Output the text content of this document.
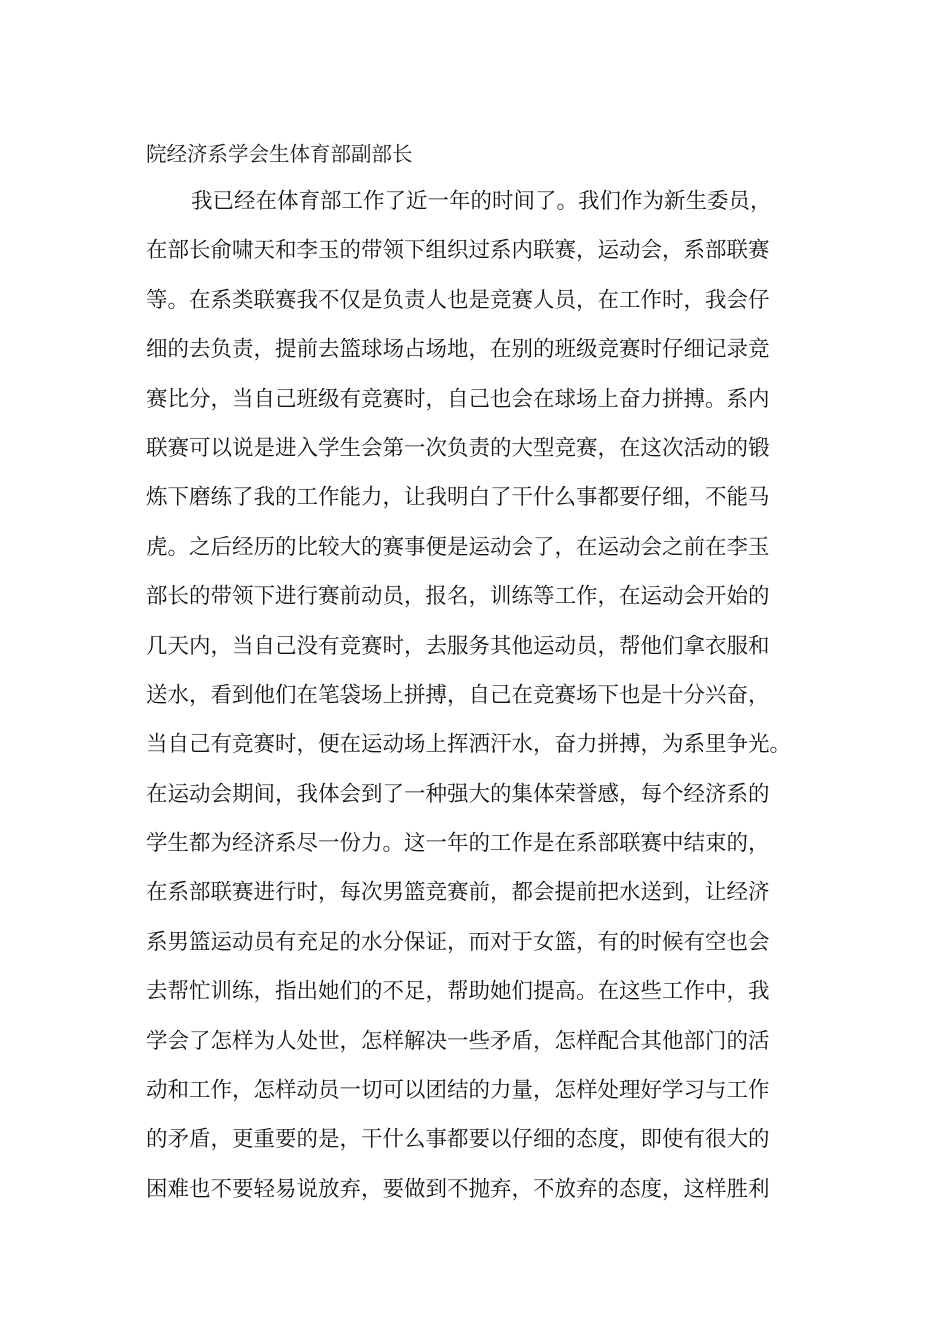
院经济系学会生体育部副部长
我已经在体育部工作了近一年的时间了。我们作为新生委员，
在部长俞啸天和李玉的带领下组织过系内联赛，运动会，系部联赛
等。在系类联赛我不仅是负责人也是竞赛人员，在工作时，我会仔
细的去负责，提前去篮球场占场地，在别的班级竞赛时仔细记录竞
赛比分，当自己班级有竞赛时，自己也会在球场上奋力拼搏。系内
联赛可以说是进入学生会第一次负责的大型竞赛，在这次活动的锻
炼下磨练了我的工作能力，让我明白了干什么事都要仔细，不能马
虎。之后经历的比较大的赛事便是运动会了，在运动会之前在李玉
部长的带领下进行赛前动员，报名，训练等工作，在运动会开始的
几天内，当自己没有竞赛时，去服务其他运动员，帮他们拿衣服和
送水，看到他们在笔袋场上拼搏，自己在竞赛场下也是十分兴奋，
当自己有竞赛时，便在运动场上挥洒汗水，奋力拼搏，为系里争光。
在运动会期间，我体会到了一种强大的集体荣誉感，每个经济系的
学生都为经济系尽一份力。这一年的工作是在系部联赛中结束的，
在系部联赛进行时，每次男篮竞赛前，都会提前把水送到，让经济
系男篮运动员有充足的水分保证，而对于女篮，有的时候有空也会
去帮忙训练，指出她们的不足，帮助她们提高。在这些工作中，我
学会了怎样为人处世，怎样解决一些矛盾，怎样配合其他部门的活
动和工作，怎样动员一切可以团结的力量，怎样处理好学习与工作
的矛盾，更重要的是，干什么事都要以仔细的态度，即使有很大的
困难也不要轻易说放弃，要做到不抛弃，不放弃的态度，这样胜利
